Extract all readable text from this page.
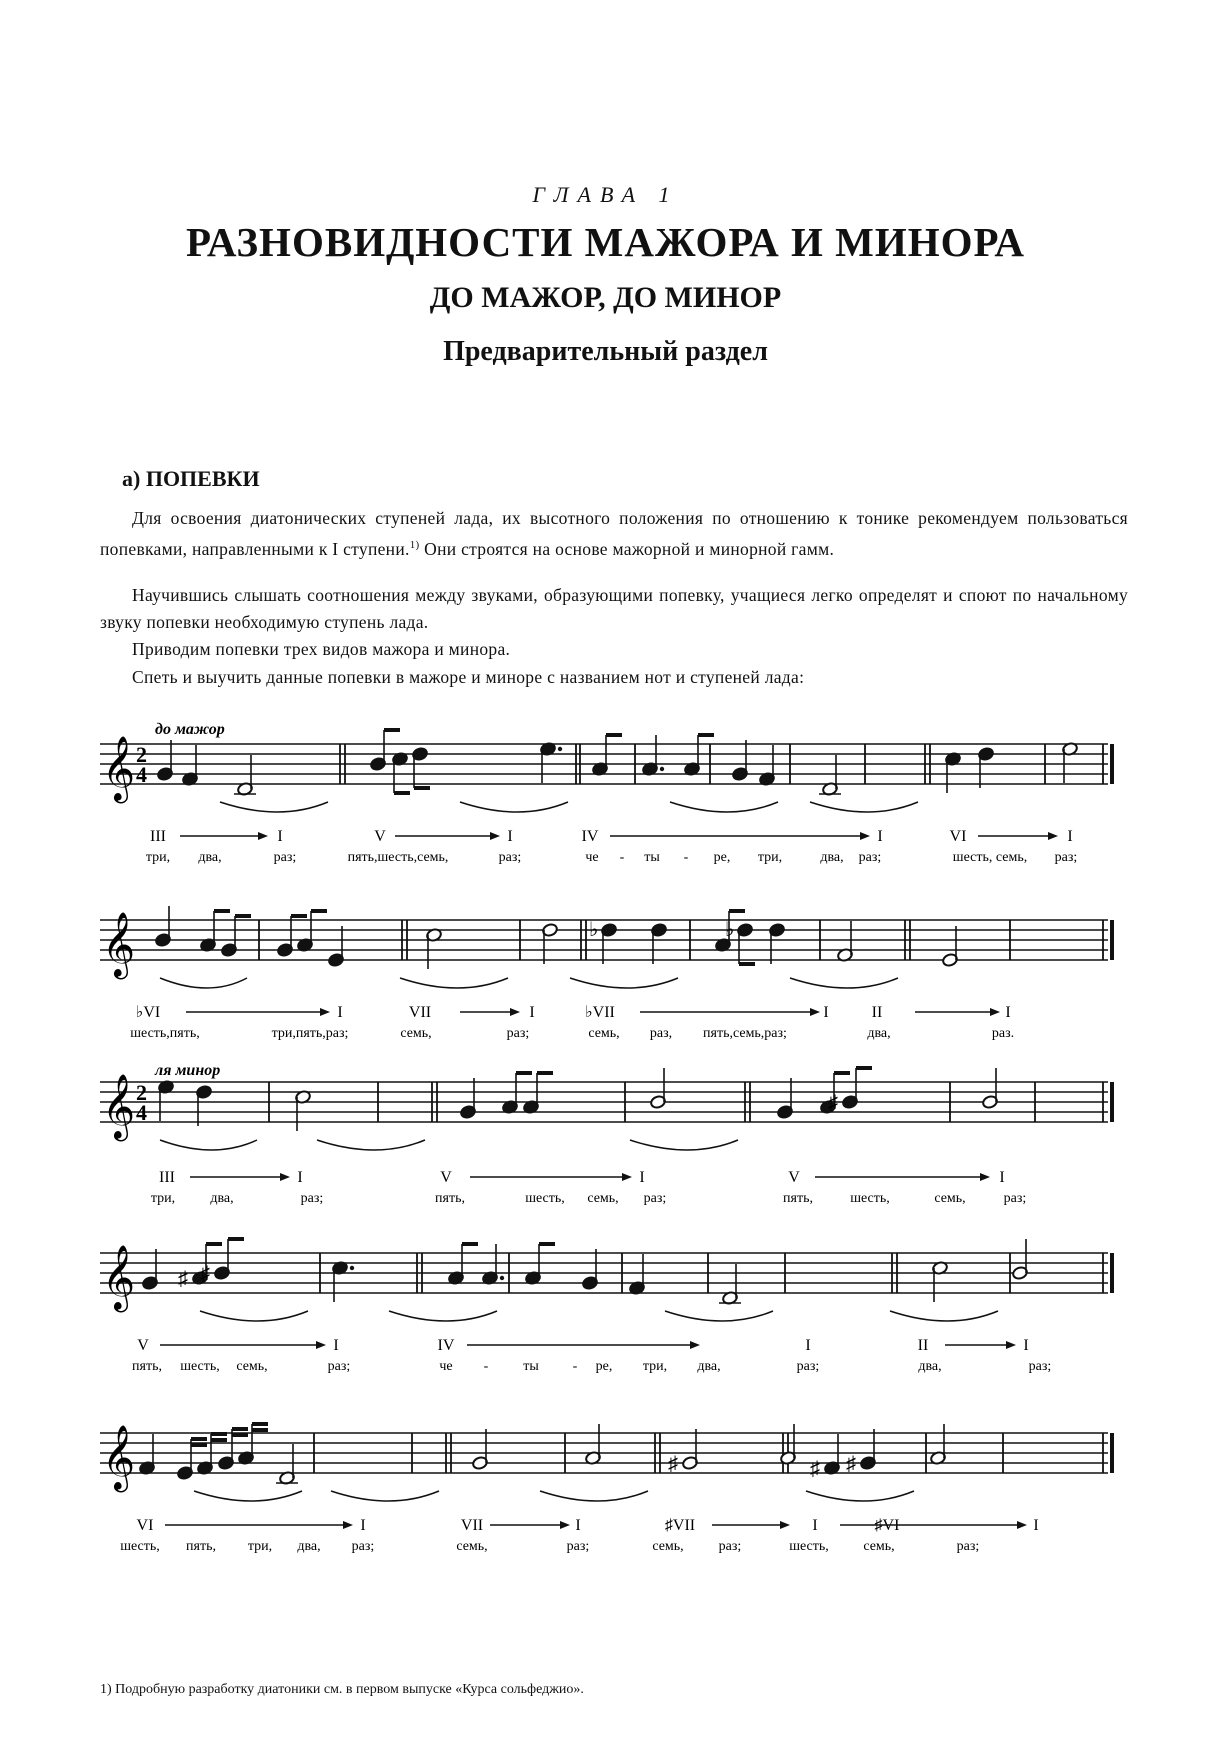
ГЛАВА 1
РАЗНОВИДНОСТИ МАЖОРА И МИНОРА
ДО МАЖОР, ДО МИНОР
Предварительный раздел
а) ПОПЕВКИ
Для освоения диатонических ступеней лада, их высотного положения по отношению к тонике рекомендуем пользоваться попевками, направленными к I ступени.$^{1)}$ Они строятся на основе мажорной и минорной гамм.
Научившись слышать соотношения между звуками, образующими попевку, учащиеся легко определят и споют по начальному звуку попевки необходимую ступень лада.
Приводим попевки трех видов мажора и минора.
Спеть и выучить данные попевки в мажоре и миноре с названием нот и ступеней лада:
1) Подробную разработку диатоники см. в первом выпуске «Курса сольфеджио».
до мажор
ля минор
𝄞 2
4
III	I	V	I	IV	I	VI	I
три, два,	раз;	пять,шесть,семь,	раз;	че - ты - ре, три,	два, раз;	шесть, семь, раз;
𝄞	♭	♭
♭VI	I	VII	I	♭VII	I	II	I
шесть,пять,	три,пять,раз;	семь,	раз;	семь, раз, пять,семь,раз;	два,	раз.
𝄞 2
4	♯
III	I	V	I	V	I
три,	два,	раз;	пять,	шесть, семь, раз;	пять,	шесть,	семь,	раз;
𝄞 ♯ ♯
V	I	IV	I	II	I
пять, шесть, семь,	раз;	че - ты - ре, три, два,	раз;	два,	раз;
𝄞	♯	♯ ♯
VI	I	VII	I	♯VII	I	♯VI	I
шесть, пять, три, два, раз;	семь,	раз;	семь,	раз;	шесть, семь,	раз;
